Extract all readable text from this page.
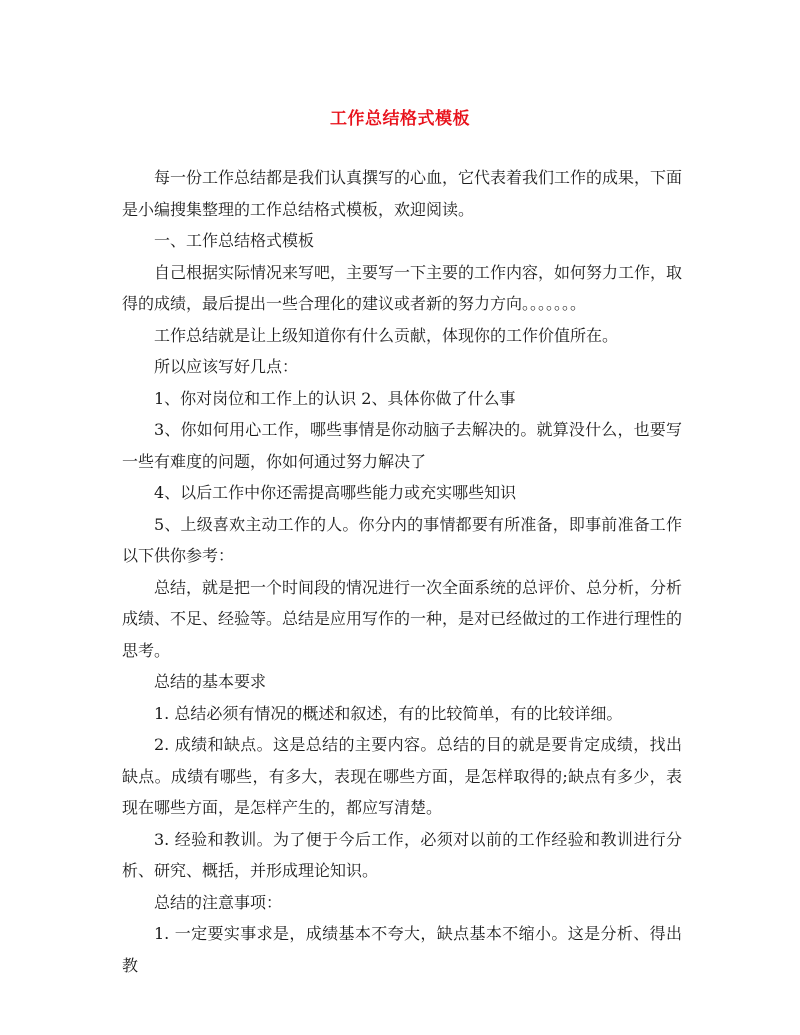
工作总结格式模板

每一份工作总结都是我们认真撰写的心血，它代表着我们工作的成果，下面是小编搜集整理的工作总结格式模板，欢迎阅读。

一、工作总结格式模板

自己根据实际情况来写吧，主要写一下主要的工作内容，如何努力工作，取得的成绩，最后提出一些合理化的建议或者新的努力方向。。。。。。。

工作总结就是让上级知道你有什么贡献，体现你的工作价值所在。

所以应该写好几点：

1、你对岗位和工作上的认识 2、具体你做了什么事

3、你如何用心工作，哪些事情是你动脑子去解决的。就算没什么，也要写一些有难度的问题，你如何通过努力解决了

4、以后工作中你还需提高哪些能力或充实哪些知识

5、上级喜欢主动工作的人。你分内的事情都要有所准备，即事前准备工作以下供你参考：

总结，就是把一个时间段的情况进行一次全面系统的总评价、总分析，分析成绩、不足、经验等。总结是应用写作的一种，是对已经做过的工作进行理性的思考。

总结的基本要求

1. 总结必须有情况的概述和叙述，有的比较简单，有的比较详细。

2. 成绩和缺点。这是总结的主要内容。总结的目的就是要肯定成绩，找出缺点。成绩有哪些，有多大，表现在哪些方面，是怎样取得的;缺点有多少，表现在哪些方面，是怎样产生的，都应写清楚。

3. 经验和教训。为了便于今后工作，必须对以前的工作经验和教训进行分析、研究、概括，并形成理论知识。

总结的注意事项：

1. 一定要实事求是，成绩基本不夸大，缺点基本不缩小。这是分析、得出教
